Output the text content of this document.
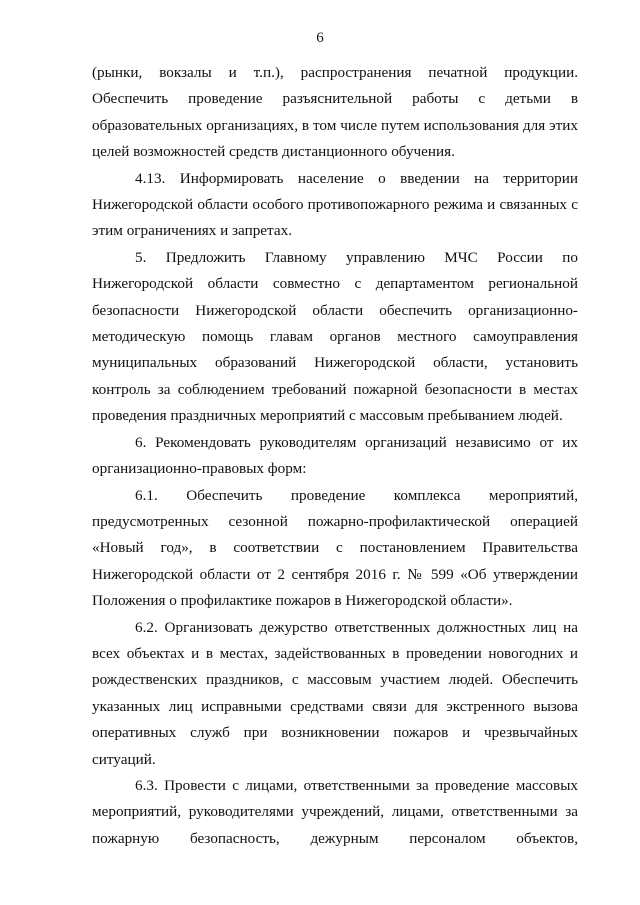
6

(рынки, вокзалы и т.п.), распространения печатной продукции. Обеспечить проведение разъяснительной работы с детьми в образовательных организациях, в том числе путем использования для этих целей возможностей средств дистанционного обучения.

4.13. Информировать население о введении на территории Нижегородской области особого противопожарного режима и связанных с этим ограничениях и запретах.

5. Предложить Главному управлению МЧС России по Нижегородской области совместно с департаментом региональной безопасности Нижегородской области обеспечить организационно-методическую помощь главам органов местного самоуправления муниципальных образований Нижегородской области, установить контроль за соблюдением требований пожарной безопасности в местах проведения праздничных мероприятий с массовым пребыванием людей.

6. Рекомендовать руководителям организаций независимо от их организационно-правовых форм:

6.1. Обеспечить проведение комплекса мероприятий, предусмотренных сезонной пожарно-профилактической операцией «Новый год», в соответствии с постановлением Правительства Нижегородской области от 2 сентября 2016 г. № 599 «Об утверждении Положения о профилактике пожаров в Нижегородской области».

6.2. Организовать дежурство ответственных должностных лиц на всех объектах и в местах, задействованных в проведении новогодних и рождественских праздников, с массовым участием людей. Обеспечить указанных лиц исправными средствами связи для экстренного вызова оперативных служб при возникновении пожаров и чрезвычайных ситуаций.

6.3. Провести с лицами, ответственными за проведение массовых мероприятий, руководителями учреждений, лицами, ответственными за пожарную безопасность, дежурным персоналом объектов,
